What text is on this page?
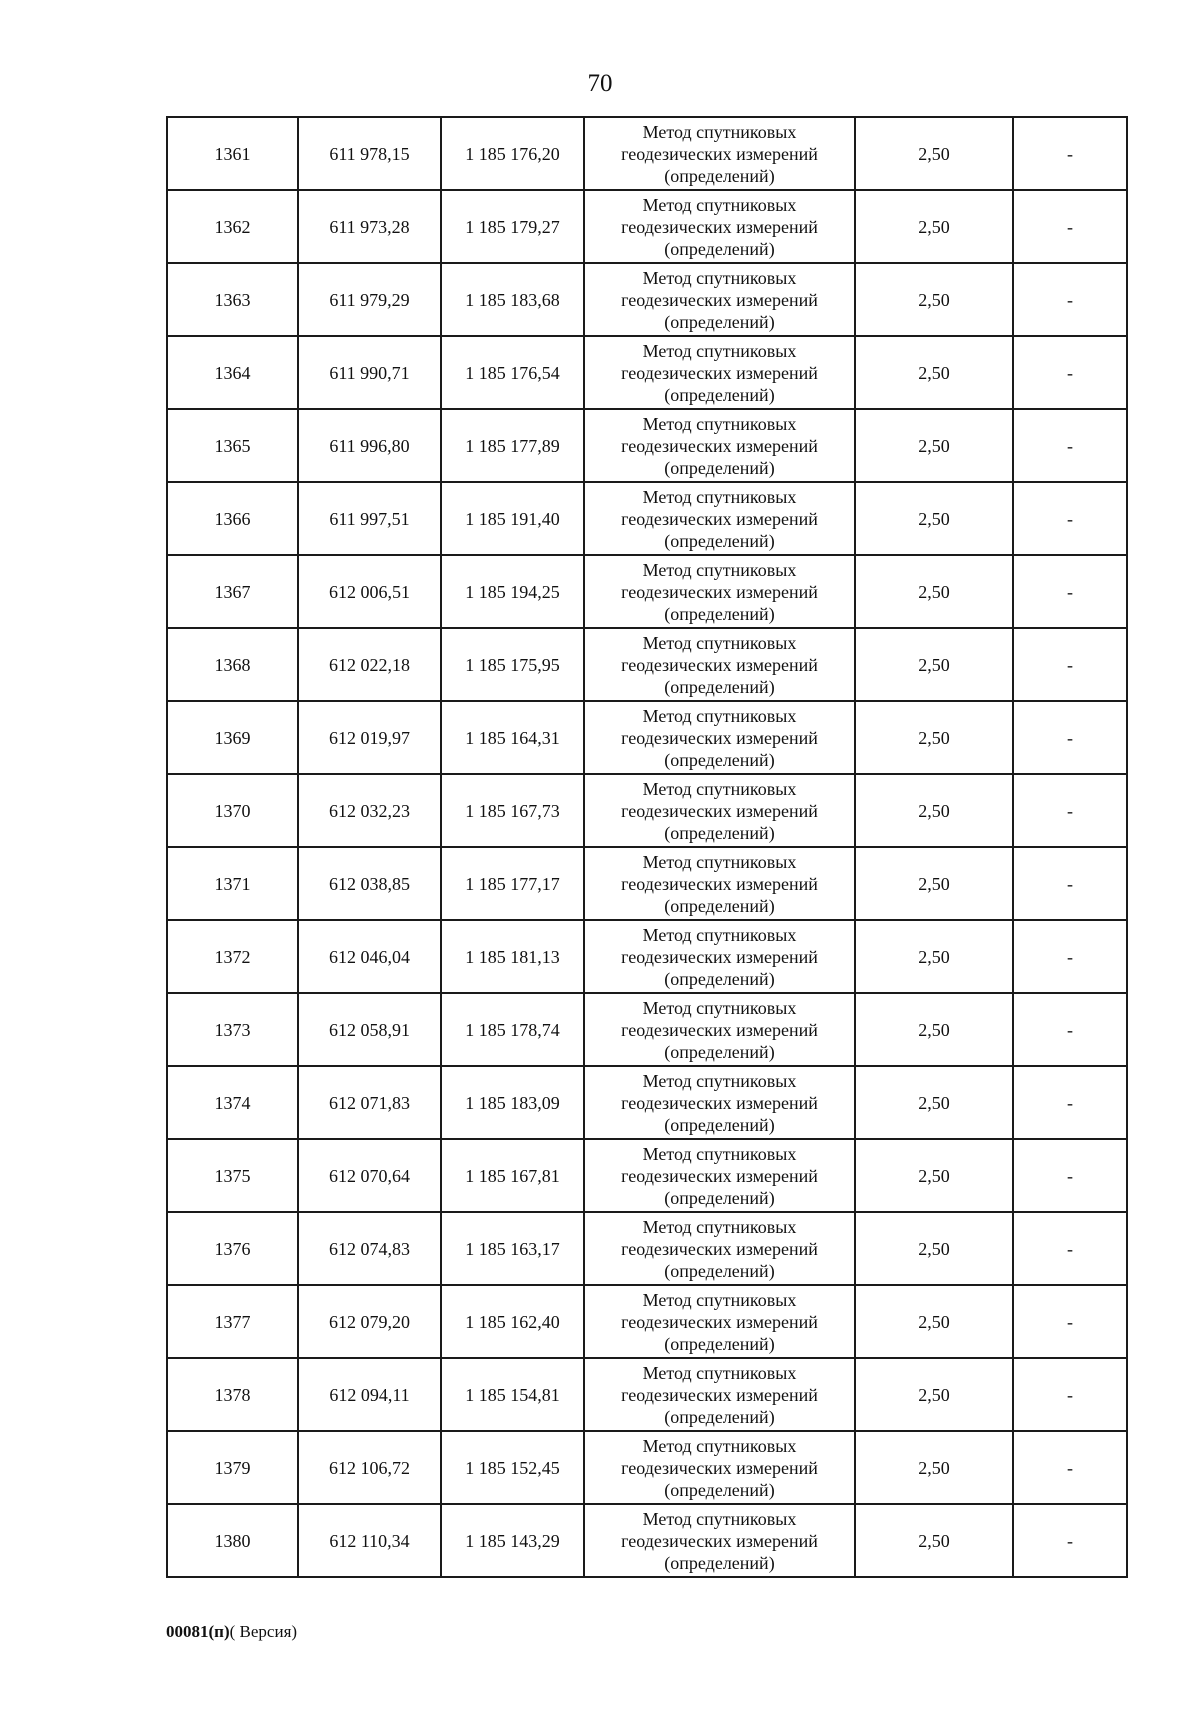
70
1361	611 978,15	1 185 176,20	Метод спутниковых
геодезических измерений
(определений)	2,50	-
1362	611 973,28	1 185 179,27	Метод спутниковых
геодезических измерений
(определений)	2,50	-
1363	611 979,29	1 185 183,68	Метод спутниковых
геодезических измерений
(определений)	2,50	-
1364	611 990,71	1 185 176,54	Метод спутниковых
геодезических измерений
(определений)	2,50	-
1365	611 996,80	1 185 177,89	Метод спутниковых
геодезических измерений
(определений)	2,50	-
1366	611 997,51	1 185 191,40	Метод спутниковых
геодезических измерений
(определений)	2,50	-
1367	612 006,51	1 185 194,25	Метод спутниковых
геодезических измерений
(определений)	2,50	-
1368	612 022,18	1 185 175,95	Метод спутниковых
геодезических измерений
(определений)	2,50	-
1369	612 019,97	1 185 164,31	Метод спутниковых
геодезических измерений
(определений)	2,50	-
1370	612 032,23	1 185 167,73	Метод спутниковых
геодезических измерений
(определений)	2,50	-
1371	612 038,85	1 185 177,17	Метод спутниковых
геодезических измерений
(определений)	2,50	-
1372	612 046,04	1 185 181,13	Метод спутниковых
геодезических измерений
(определений)	2,50	-
1373	612 058,91	1 185 178,74	Метод спутниковых
геодезических измерений
(определений)	2,50	-
1374	612 071,83	1 185 183,09	Метод спутниковых
геодезических измерений
(определений)	2,50	-
1375	612 070,64	1 185 167,81	Метод спутниковых
геодезических измерений
(определений)	2,50	-
1376	612 074,83	1 185 163,17	Метод спутниковых
геодезических измерений
(определений)	2,50	-
1377	612 079,20	1 185 162,40	Метод спутниковых
геодезических измерений
(определений)	2,50	-
1378	612 094,11	1 185 154,81	Метод спутниковых
геодезических измерений
(определений)	2,50	-
1379	612 106,72	1 185 152,45	Метод спутниковых
геодезических измерений
(определений)	2,50	-
1380	612 110,34	1 185 143,29	Метод спутниковых
геодезических измерений
(определений)	2,50	-
00081(п)( Версия)
